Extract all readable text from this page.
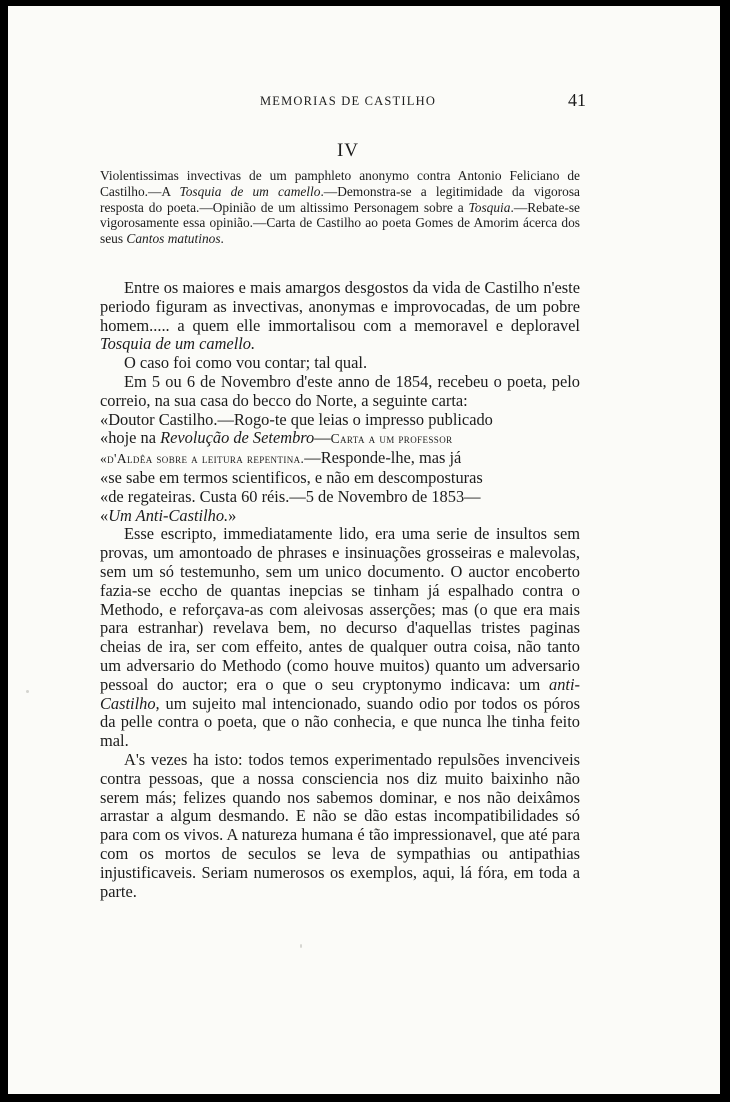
MEMORIAS DE CASTILHO	41
IV
Violentissimas invectivas de um pamphleto anonymo contra Antonio Feliciano de Castilho.—A Tosquia de um camello.—Demonstra-se a legitimidade da vigorosa resposta do poeta.—Opinião de um altissimo Personagem sobre a Tosquia.—Rebate-se vigorosamente essa opinião.—Carta de Castilho ao poeta Gomes de Amorim ácerca dos seus Cantos matutinos.

Entre os maiores e mais amargos desgostos da vida de Castilho n'este periodo figuram as invectivas, anonymas e improvocadas, de um pobre homem..... a quem elle immortalisou com a memoravel e deploravel Tosquia de um camello.

O caso foi como vou contar; tal qual.

Em 5 ou 6 de Novembro d'este anno de 1854, recebeu o poeta, pelo correio, na sua casa do becco do Norte, a seguinte carta:

«Doutor Castilho.—Rogo-te que leias o impresso publicado
«hoje na Revolução de Setembro—Carta a um professor
«d'Aldêa sobre a leitura repentina.—Responde-lhe, mas já
«se sabe em termos scientificos, e não em descomposturas
«de regateiras. Custa 60 réis.—5 de Novembro de 1853—
«Um Anti-Castilho.»

Esse escripto, immediatamente lido, era uma serie de insultos sem provas, um amontoado de phrases e insinuações grosseiras e malevolas, sem um só testemunho, sem um unico documento. O auctor encoberto fazia-se eccho de quantas inepcias se tinham já espalhado contra o Methodo, e reforçava-as com aleivosas asserções; mas (o que era mais para estranhar) revelava bem, no decurso d'aquellas tristes paginas cheias de ira, ser com effeito, antes de qualquer outra coisa, não tanto um adversario do Methodo (como houve muitos) quanto um adversario pessoal do auctor; era o que o seu cryptonymo indicava: um anti-Castilho, um sujeito mal intencionado, suando odio por todos os póros da pelle contra o poeta, que o não conhecia, e que nunca lhe tinha feito mal.

A's vezes ha isto: todos temos experimentado repulsões invenciveis contra pessoas, que a nossa consciencia nos diz muito baixinho não serem más; felizes quando nos sabemos dominar, e nos não deixâmos arrastar a algum desmando. E não se dão estas incompatibilidades só para com os vivos. A natureza humana é tão impressionavel, que até para com os mortos de seculos se leva de sympathias ou antipathias injustificaveis. Seriam numerosos os exemplos, aqui, lá fóra, em toda a parte.
